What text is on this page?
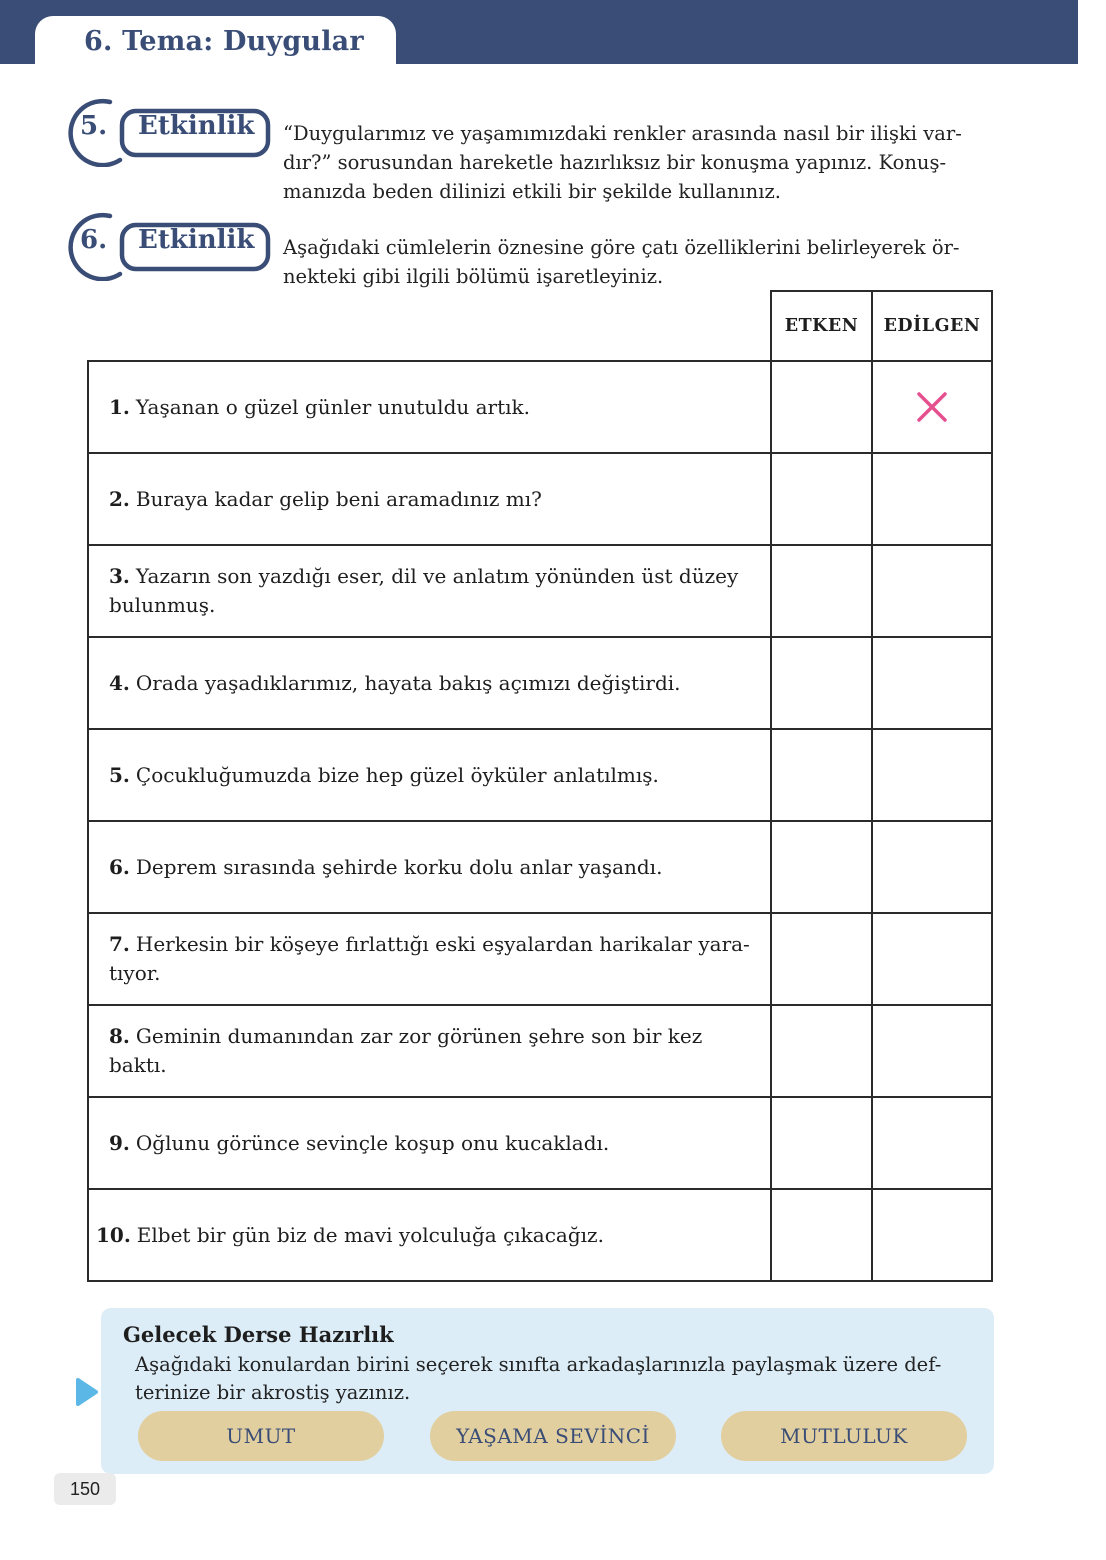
6. Tema: Duygular
5. Etkinlik “Duygularımız ve yaşamımızdaki renkler arasında nasıl bir ilişki var-
dır?” sorusundan hareketle hazırlıksız bir konuşma yapınız. Konuş-
manızda beden dilinizi etkili bir şekilde kullanınız.
6. Etkinlik Aşağıdaki cümlelerin öznesine göre çatı özelliklerini belirleyerek ör-
nekteki gibi ilgili bölümü işaretleyiniz.
ETKEN	EDİLGEN
1. Yaşanan o güzel günler unutuldu artık.
2. Buraya kadar gelip beni aramadınız mı?
3. Yazarın son yazdığı eser, dil ve anlatım yönünden üst düzey bulunmuş.
4. Orada yaşadıklarımız, hayata bakış açımızı değiştirdi.
5. Çocukluğumuzda bize hep güzel öyküler anlatılmış.
6. Deprem sırasında şehirde korku dolu anlar yaşandı.
7. Herkesin bir köşeye fırlattığı eski eşyalardan harikalar yara-tıyor.
8. Geminin dumanından zar zor görünen şehre son bir kez baktı.
9. Oğlunu görünce sevinçle koşup onu kucakladı.
10. Elbet bir gün biz de mavi yolculuğa çıkacağız.
Gelecek Derse Hazırlık
Aşağıdaki konulardan birini seçerek sınıfta arkadaşlarınızla paylaşmak üzere def-
terinize bir akrostiş yazınız.
UMUT	YAŞAMA SEVİNCİ	MUTLULUK
150
